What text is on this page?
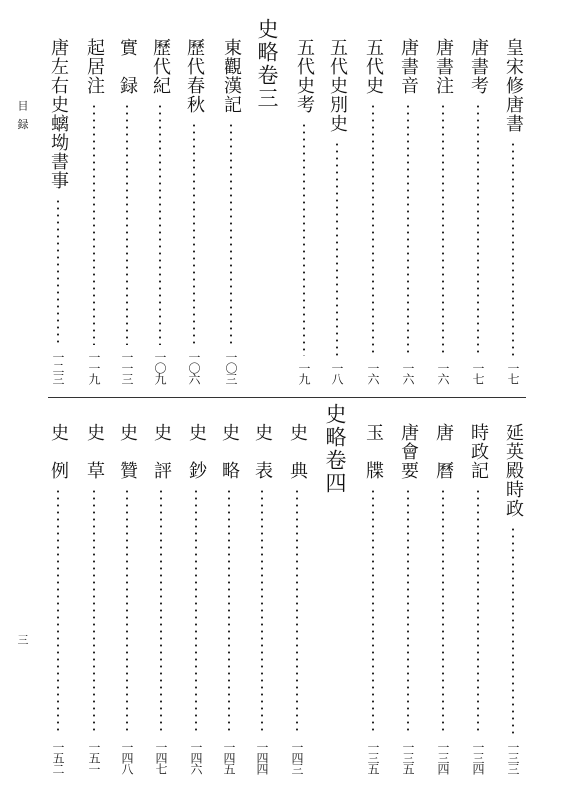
目 録
三
皇宋修唐書
一七
唐書考
一七
唐書注
一六
唐書音
一六
五代史
一六
五代史別史
一八
五代史考
一九
史略卷三
東觀漢記
一〇三
歷代春秋
一〇六
歷代紀
一〇九
實　録
一一三
起居注
一一九
唐左右史螭坳書事
一二三
延英殿時政
一三三
時政記
一三四
唐　曆
一三四
唐會要
一三五
玉　牒
一三五
史略卷四
史　典
一四三
史　表
一四四
史　略
一四五
史　鈔
一四六
史　評
一四七
史　贊
一四八
史　草
一五一
史　例
一五二
